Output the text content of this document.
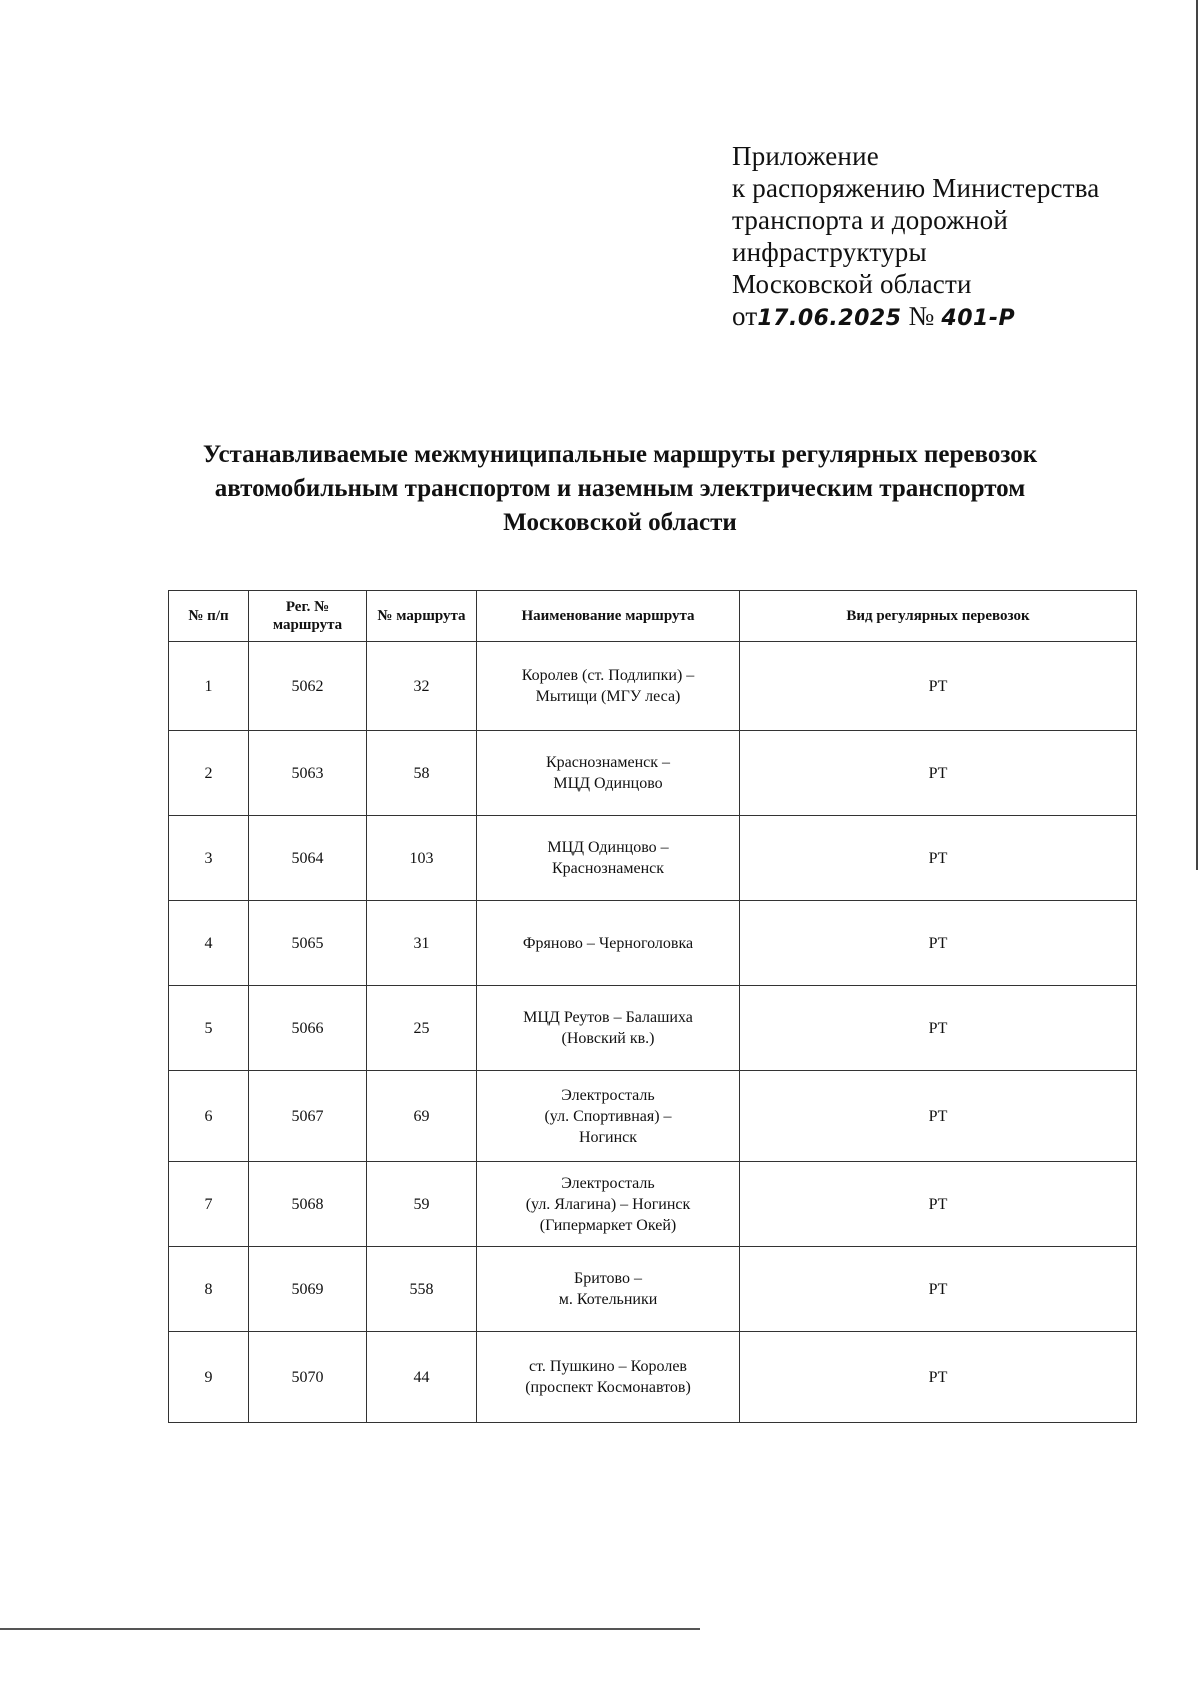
Приложение
к распоряжению Министерства
транспорта и дорожной
инфраструктуры
Московской области
от17.06.2025 № 401-Р
Устанавливаемые межмуниципальные маршруты регулярных перевозок
автомобильным транспортом и наземным электрическим транспортом
Московской области
№ п/п	Рег. № маршрута	№ маршрута	Наименование маршрута	Вид регулярных перевозок
1	5062	32	Королев (ст. Подлипки) –
Мытищи (МГУ леса)	РТ
2	5063	58	Краснознаменск –
МЦД Одинцово	РТ
3	5064	103	МЦД Одинцово –
Краснознаменск	РТ
4	5065	31	Фряново – Черноголовка	РТ
5	5066	25	МЦД Реутов – Балашиха
(Новский кв.)	РТ
6	5067	69	Электросталь
(ул. Спортивная) –
Ногинск	РТ
7	5068	59	Электросталь
(ул. Ялагина) – Ногинск
(Гипермаркет Окей)	РТ
8	5069	558	Бритово –
м. Котельники	РТ
9	5070	44	ст. Пушкино – Королев
(проспект Космонавтов)	РТ
